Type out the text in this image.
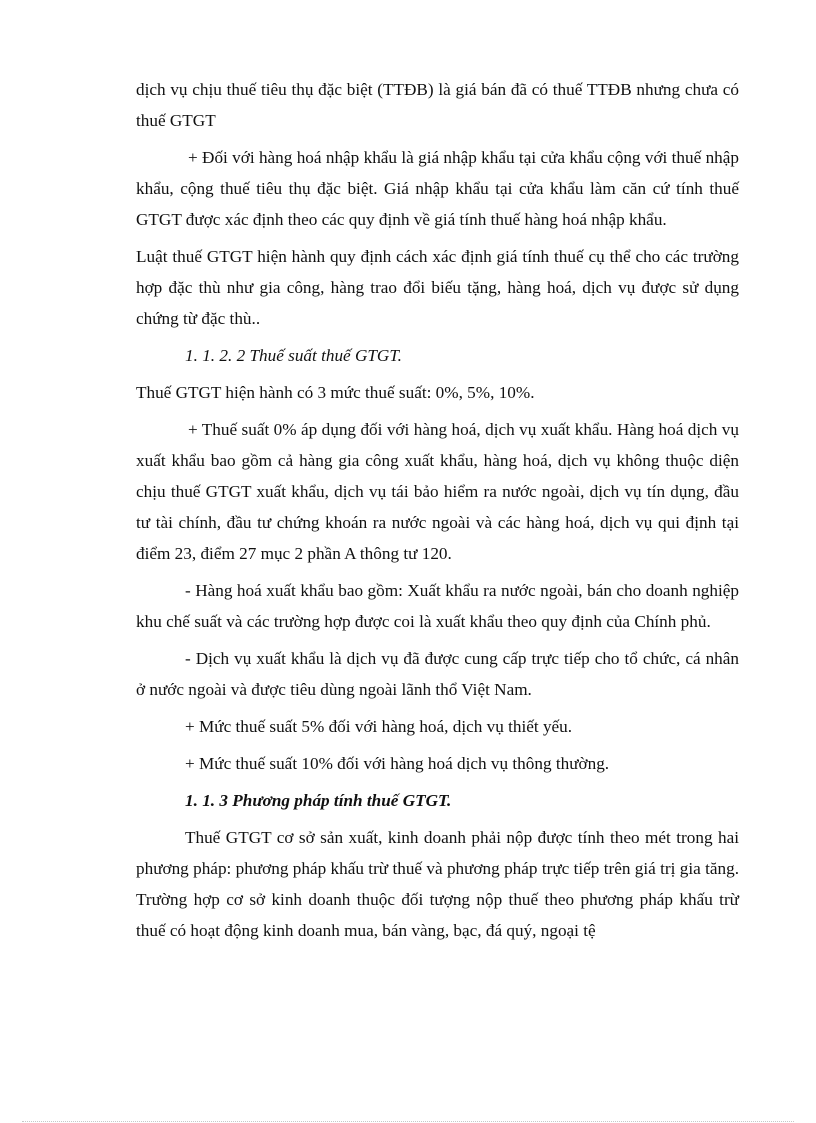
dịch vụ chịu thuế tiêu thụ đặc biệt (TTĐB) là giá bán đã có thuế TTĐB nhưng chưa có thuế GTGT

+ Đối với hàng hoá nhập khẩu là giá nhập khẩu tại cửa khẩu cộng với thuế nhập khẩu, cộng thuế tiêu thụ đặc biệt. Giá nhập khẩu tại cửa khẩu làm căn cứ tính thuế GTGT được xác định theo các quy định về giá tính thuế hàng hoá nhập khẩu.

Luật thuế GTGT hiện hành quy định cách xác định giá tính thuế cụ thể cho các trường hợp đặc thù như gia công, hàng trao đổi biếu tặng, hàng hoá, dịch vụ được sử dụng chứng từ đặc thù..

1. 1. 2. 2 Thuế suất thuế GTGT.

Thuế GTGT hiện hành có 3 mức thuế suất: 0%, 5%, 10%.

+ Thuế suất 0% áp dụng đối với hàng hoá, dịch vụ xuất khẩu. Hàng hoá dịch vụ xuất khẩu bao gồm cả hàng gia công xuất khẩu, hàng hoá, dịch vụ không thuộc diện chịu thuế GTGT xuất khẩu, dịch vụ tái bảo hiểm ra nước ngoài, dịch vụ tín dụng, đầu tư tài chính, đầu tư chứng khoán ra nước ngoài và các hàng hoá, dịch vụ qui định tại điểm 23, điểm 27 mục 2 phần A thông tư 120.

- Hàng hoá xuất khẩu bao gồm: Xuất khẩu ra nước ngoài, bán cho doanh nghiệp khu chế suất và các trường hợp được coi là xuất khẩu theo quy định của Chính phủ.

- Dịch vụ xuất khẩu là dịch vụ đã được cung cấp trực tiếp cho tổ chức, cá nhân ở nước ngoài và được tiêu dùng ngoài lãnh thổ Việt Nam.

+ Mức thuế suất 5% đối với hàng hoá, dịch vụ thiết yếu.

+ Mức thuế suất 10% đối với hàng hoá dịch vụ thông thường.

1. 1. 3 Phương pháp tính thuế GTGT.

Thuế GTGT cơ sở sản xuất, kinh doanh phải nộp được tính theo mét trong hai phương pháp: phương pháp khấu trừ thuế và phương pháp trực tiếp trên giá trị gia tăng. Trường hợp cơ sở kinh doanh thuộc đối tượng nộp thuế theo phương pháp khấu trừ thuế có hoạt động kinh doanh mua, bán vàng, bạc, đá quý, ngoại tệ
